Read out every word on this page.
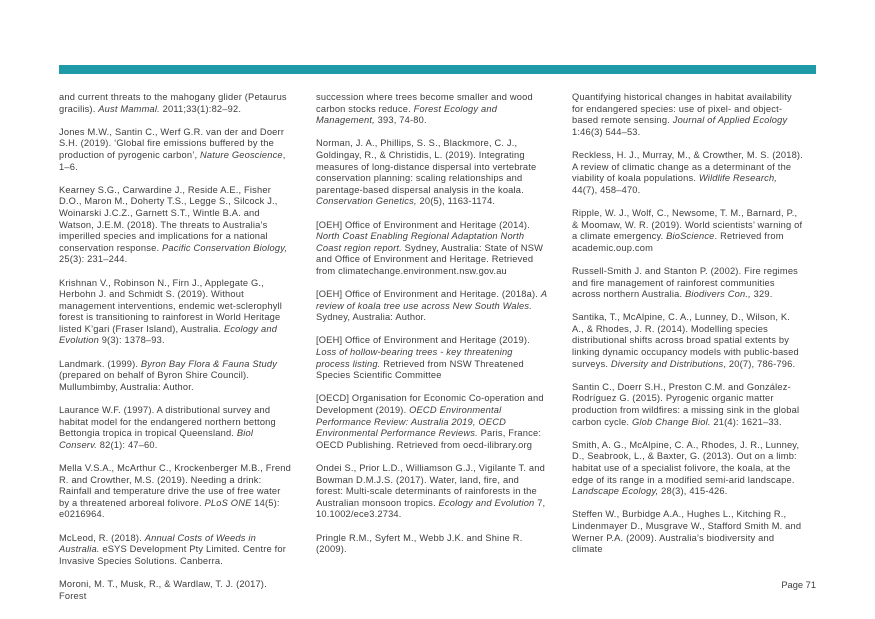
and current threats to the mahogany glider (Petaurus gracilis). Aust Mammal. 2011;33(1):82–92.

Jones M.W., Santin C., Werf G.R. van der and Doerr S.H. (2019). ‘Global fire emissions buffered by the production of pyrogenic carbon’, Nature Geoscience, 1–6.

Kearney S.G., Carwardine J., Reside A.E., Fisher D.O., Maron M., Doherty T.S., Legge S., Silcock J., Woinarski J.C.Z., Garnett S.T., Wintle B.A. and Watson, J.E.M. (2018). The threats to Australia’s imperilled species and implications for a national conservation response. Pacific Conservation Biology, 25(3): 231–244.

Krishnan V., Robinson N., Firn J., Applegate G., Herbohn J. and Schmidt S. (2019). Without management interventions, endemic wet-sclerophyll forest is transitioning to rainforest in World Heritage listed K’gari (Fraser Island), Australia. Ecology and Evolution 9(3): 1378–93.

Landmark. (1999). Byron Bay Flora & Fauna Study (prepared on behalf of Byron Shire Council). Mullumbimby, Australia: Author.

Laurance W.F. (1997). A distributional survey and habitat model for the endangered northern bettong Bettongia tropica in tropical Queensland. Biol Conserv. 82(1): 47–60.

Mella V.S.A., McArthur C., Krockenberger M.B., Frend R. and Crowther, M.S. (2019). Needing a drink: Rainfall and temperature drive the use of free water by a threatened arboreal folivore. PLoS ONE 14(5): e0216964.

McLeod, R. (2018). Annual Costs of Weeds in Australia. eSYS Development Pty Limited. Centre for Invasive Species Solutions. Canberra.

Moroni, M. T., Musk, R., & Wardlaw, T. J. (2017). Forest

succession where trees become smaller and wood carbon stocks reduce. Forest Ecology and Management, 393, 74-80.

Norman, J. A., Phillips, S. S., Blackmore, C. J., Goldingay, R., & Christidis, L. (2019). Integrating measures of long-distance dispersal into vertebrate conservation planning: scaling relationships and parentage-based dispersal analysis in the koala. Conservation Genetics, 20(5), 1163-1174.

[OEH] Office of Environment and Heritage (2014). North Coast Enabling Regional Adaptation North Coast region report. Sydney, Australia: State of NSW and Office of Environment and Heritage. Retrieved from climatechange.environment.nsw.gov.au

[OEH] Office of Environment and Heritage. (2018a). A review of koala tree use across New South Wales. Sydney, Australia: Author.

[OEH] Office of Environment and Heritage (2019). Loss of hollow-bearing trees - key threatening process listing. Retrieved from NSW Threatened Species Scientific Committee

[OECD] Organisation for Economic Co-operation and Development (2019). OECD Environmental Performance Review: Australia 2019, OECD Environmental Performance Reviews. Paris, France: OECD Publishing. Retrieved from oecd-ilibrary.org

Ondei S., Prior L.D., Williamson G.J., Vigilante T. and Bowman D.M.J.S. (2017). Water, land, fire, and forest: Multi-scale determinants of rainforests in the Australian monsoon tropics. Ecology and Evolution 7, 10.1002/ece3.2734.

Pringle R.M., Syfert M., Webb J.K. and Shine R. (2009).

Quantifying historical changes in habitat availability for endangered species: use of pixel- and object-based remote sensing. Journal of Applied Ecology 1:46(3) 544–53.

Reckless, H. J., Murray, M., & Crowther, M. S. (2018). A review of climatic change as a determinant of the viability of koala populations. Wildlife Research, 44(7), 458–470.

Ripple, W. J., Wolf, C., Newsome, T. M., Barnard, P., & Moomaw, W. R. (2019). World scientists’ warning of a climate emergency. BioScience. Retrieved from academic.oup.com

Russell-Smith J. and Stanton P. (2002). Fire regimes and fire management of rainforest communities across northern Australia. Biodivers Con., 329.

Santika, T., McAlpine, C. A., Lunney, D., Wilson, K. A., & Rhodes, J. R. (2014). Modelling species distributional shifts across broad spatial extents by linking dynamic occupancy models with public-based surveys. Diversity and Distributions, 20(7), 786-796.

Santin C., Doerr S.H., Preston C.M. and González-Rodríguez G. (2015). Pyrogenic organic matter production from wildfires: a missing sink in the global carbon cycle. Glob Change Biol. 21(4): 1621–33.

Smith, A. G., McAlpine, C. A., Rhodes, J. R., Lunney, D., Seabrook, L., & Baxter, G. (2013). Out on a limb: habitat use of a specialist folivore, the koala, at the edge of its range in a modified semi-arid landscape. Landscape Ecology, 28(3), 415-426.

Steffen W., Burbidge A.A., Hughes L., Kitching R., Lindenmayer D., Musgrave W., Stafford Smith M. and Werner P.A. (2009). Australia’s biodiversity and climate

Page 71
